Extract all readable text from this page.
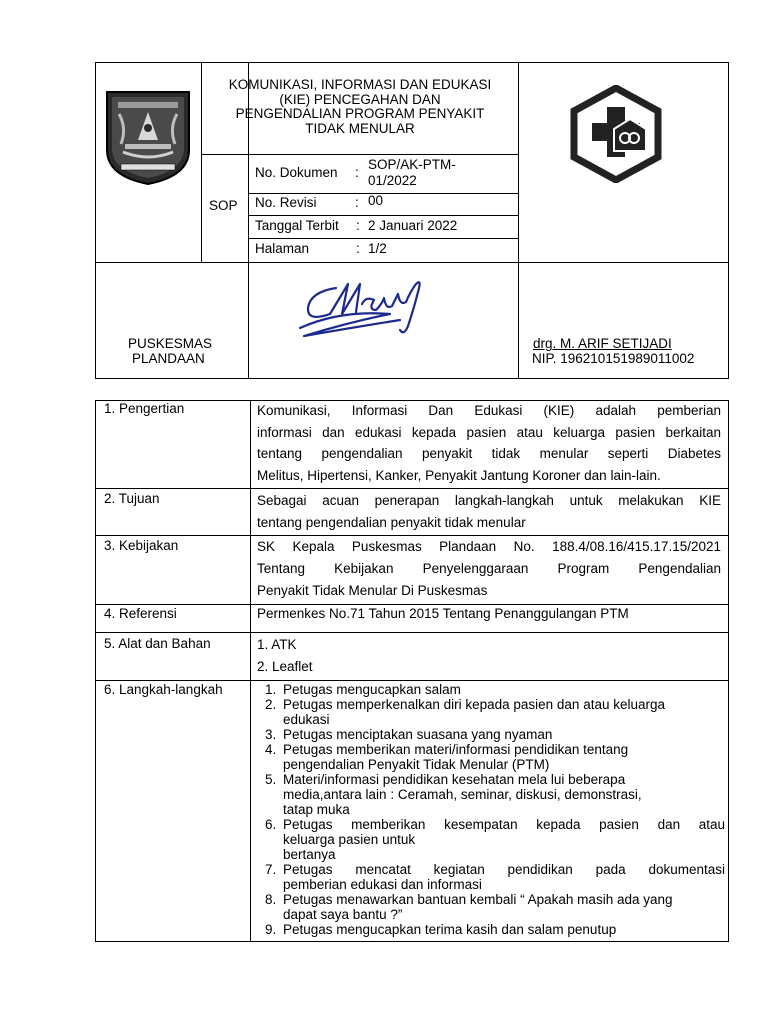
KOMUNIKASI, INFORMASI DAN EDUKASI
(KIE) PENCEGAHAN DAN
PENGENDALIAN PROGRAM PENYAKIT
TIDAK MENULAR
SOP
No. Dokumen :
SOP/AK-PTM-
01/2022
No. Revisi	: 00
Tanggal Terbit : 2 Januari 2022
Halaman	: 1/2
PUSKESMAS
PLANDAAN
drg. M. ARIF SETIJADI
NIP. 196210151989011002
1. Pengertian
2. Tujuan
3. Kebijakan
4. Referensi
5. Alat dan Bahan
6. Langkah-langkah
Komunikasi, Informasi Dan Edukasi (KIE) adalah pemberian
informasi dan edukasi kepada pasien atau keluarga pasien berkaitan
tentang pengendalian penyakit tidak menular seperti Diabetes
Melitus, Hipertensi, Kanker, Penyakit Jantung Koroner dan lain-lain.
Sebagai acuan penerapan langkah-langkah untuk melakukan KIE
tentang pengendalian penyakit tidak menular
SK Kepala Puskesmas Plandaan No. 188.4/08.16/415.17.15/2021
Tentang Kebijakan Penyelenggaraan Program Pengendalian
Penyakit Tidak Menular Di Puskesmas
Permenkes No.71 Tahun 2015 Tentang Penanggulangan PTM
1. ATK
2. Leaflet
1. Petugas mengucapkan salam
2. Petugas memperkenalkan diri kepada pasien dan atau keluarga
edukasi
3. Petugas menciptakan suasana yang nyaman
4. Petugas memberikan materi/informasi pendidikan tentang
pengendalian Penyakit Tidak Menular (PTM)
5. Materi/informasi pendidikan kesehatan mela lui beberapa
media,antara lain : Ceramah, seminar, diskusi, demonstrasi,
tatap muka
6. Petugas memberikan kesempatan kepada pasien dan atau
keluarga pasien untuk
bertanya
7. Petugas mencatat kegiatan pendidikan pada dokumentasi
pemberian edukasi dan informasi
8. Petugas menawarkan bantuan kembali “ Apakah masih ada yang
dapat saya bantu ?”
9. Petugas mengucapkan terima kasih dan salam penutup
